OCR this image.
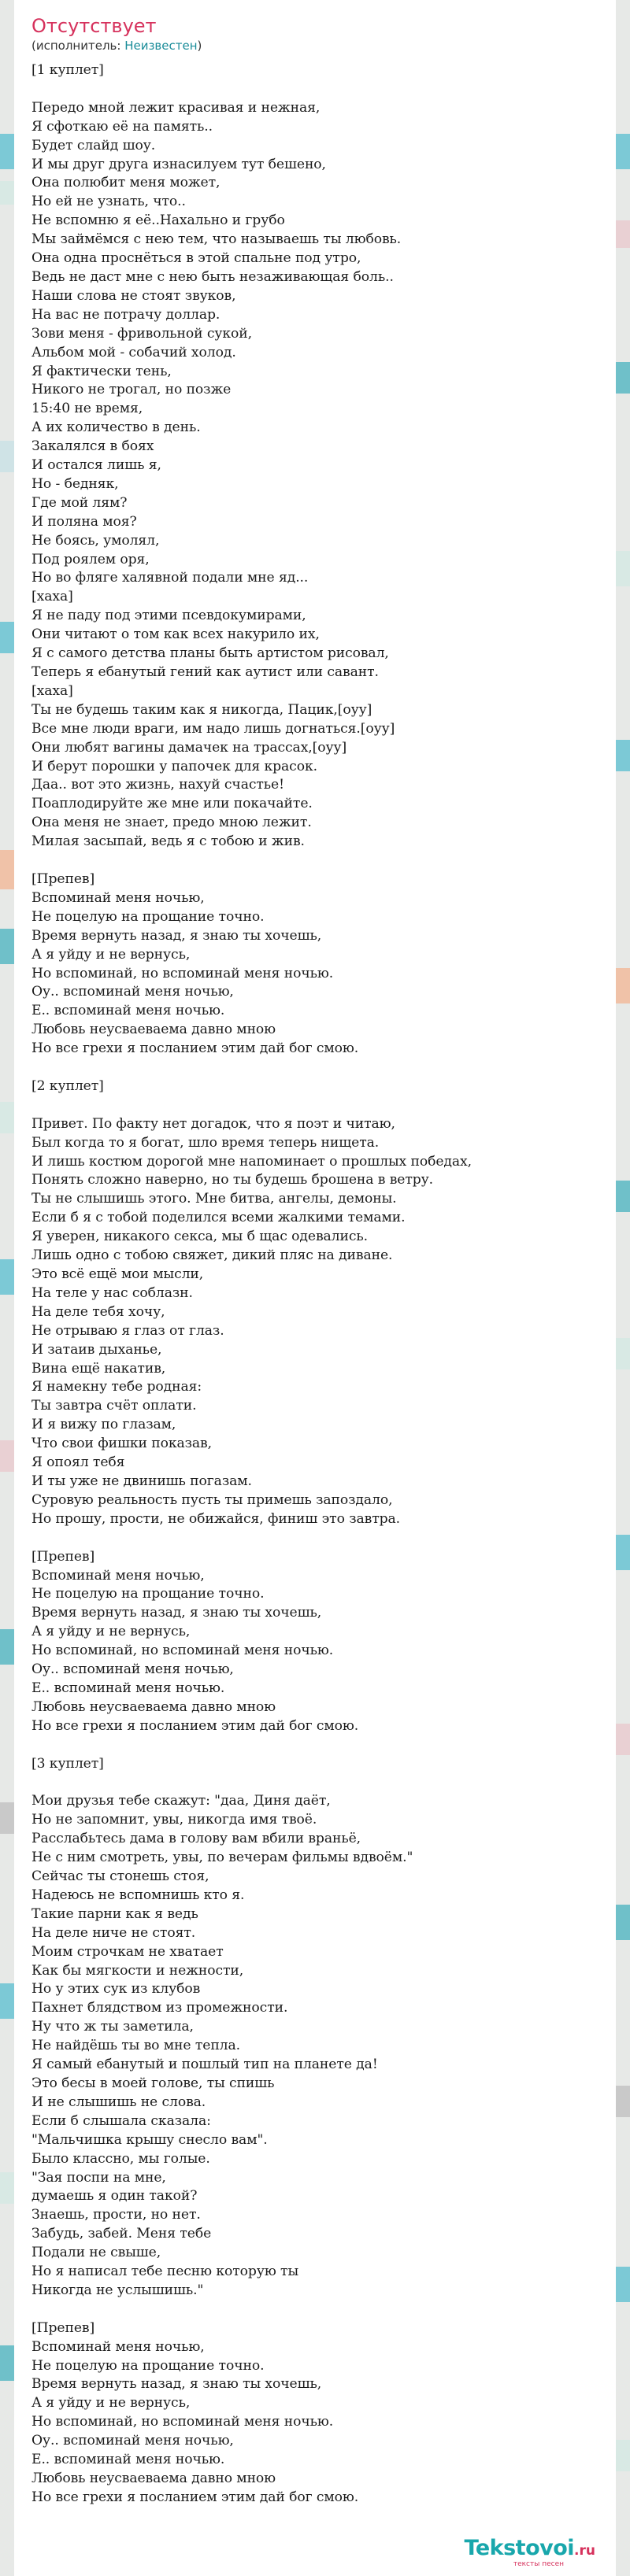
Отсутствует
(исполнитель: Неизвестен)
[1 куплет]

Передо мной лежит красивая и нежная,
Я сфоткаю её на память..
Будет слайд шоу.
И мы друг друга изнасилуем тут бешено,
Она полюбит меня может,
Но ей не узнать, что..
Не вспомню я её..Нахально и грубо
Мы займёмся с нею тем, что называешь ты любовь.
Она одна проснёться в этой спальне под утро,
Ведь не даст мне с нею быть незаживающая боль..
Наши слова не стоят звуков,
На вас не потрачу доллар.
Зови меня - фривольной сукой,
Альбом мой - собачий холод.
Я фактически тень,
Никого не трогал, но позже
15:40 не время,
А их количество в день.
Закалялся в боях
И остался лишь я,
Но - бедняк,
Где мой лям?
И поляна моя?
Не боясь, умолял,
Под роялем оря,
Но во фляге халявной подали мне яд...
[хаха]
Я не паду под этими псевдокумирами,
Они читают о том как всех накурило их,
Я с самого детства планы быть артистом рисовал,
Теперь я ебанутый гений как аутист или савант.
[хаха]
Ты не будешь таким как я никогда, Пацик,[оуу]
Все мне люди враги, им надо лишь догнаться.[оуу]
Они любят вагины дамачек на трассах,[оуу]
И берут порошки у папочек для красок.
Даа.. вот это жизнь, нахуй счастье!
Поаплодируйте же мне или покачайте.
Она меня не знает, предо мною лежит.
Милая засыпай, ведь я с тобою и жив.

[Препев]
Вспоминай меня ночью,
Не поцелую на прощание точно.
Время вернуть назад, я знаю ты хочешь,
А я уйду и не вернусь,
Но вспоминай, но вспоминай меня ночью.
Оу.. вспоминай меня ночью,
Е.. вспоминай меня ночью.
Любовь неусваеваема давно мною
Но все грехи я посланием этим дай бог смою.

[2 куплет]

Привет. По факту нет догадок, что я поэт и читаю,
Был когда то я богат, шло время теперь нищета.
И лишь костюм дорогой мне напоминает о прошлых победах,
Понять сложно наверно, но ты будешь брошена в ветру.
Ты не слышишь этого. Мне битва, ангелы, демоны.
Если б я с тобой поделился всеми жалкими темами.
Я уверен, никакого секса, мы б щас одевались.
Лишь одно с тобою свяжет, дикий пляс на диване.
Это всё ещё мои мысли,
На теле у нас соблазн.
На деле тебя хочу,
Не отрываю я глаз от глаз.
И затаив дыханье,
Вина ещё накатив,
Я намекну тебе родная:
Ты завтра счёт оплати.
И я вижу по глазам,
Что свои фишки показав,
Я опоял тебя
И ты уже не двинишь погазам.
Суровую реальность пусть ты примешь запоздало,
Но прошу, прости, не обижайся, финиш это завтра.

[Препев]
Вспоминай меня ночью,
Не поцелую на прощание точно.
Время вернуть назад, я знаю ты хочешь,
А я уйду и не вернусь,
Но вспоминай, но вспоминай меня ночью.
Оу.. вспоминай меня ночью,
Е.. вспоминай меня ночью.
Любовь неусваеваема давно мною
Но все грехи я посланием этим дай бог смою.

[3 куплет]

Мои друзья тебе скажут: "даа, Диня даёт,
Но не запомнит, увы, никогда имя твоё.
Расслабьтесь дама в голову вам вбили враньё,
Не с ним смотреть, увы, по вечерам фильмы вдвоём."
Сейчас ты стонешь стоя,
Надеюсь не вспомнишь кто я.
Такие парни как я ведь
На деле ниче не стоят.
Моим строчкам не хватает
Как бы мягкости и нежности,
Но у этих сук из клубов
Пахнет блядством из промежности.
Ну что ж ты заметила,
Не найдёшь ты во мне тепла.
Я самый ебанутый и пошлый тип на планете да!
Это бесы в моей голове, ты спишь
И не слышишь не слова.
Если б слышала сказала:
"Мальчишка крышу снесло вам".
Было классно, мы голые.
"Зая поспи на мне,
думаешь я один такой?
Знаешь, прости, но нет.
Забудь, забей. Меня тебе
Подали не свыше,
Но я написал тебе песню которую ты
Никогда не услышишь."

[Препев]
Вспоминай меня ночью,
Не поцелую на прощание точно.
Время вернуть назад, я знаю ты хочешь,
А я уйду и не вернусь,
Но вспоминай, но вспоминай меня ночью.
Оу.. вспоминай меня ночью,
Е.. вспоминай меня ночью.
Любовь неусваеваема давно мною
Но все грехи я посланием этим дай бог смою.
Tekstovoi.ru
тексты песен
